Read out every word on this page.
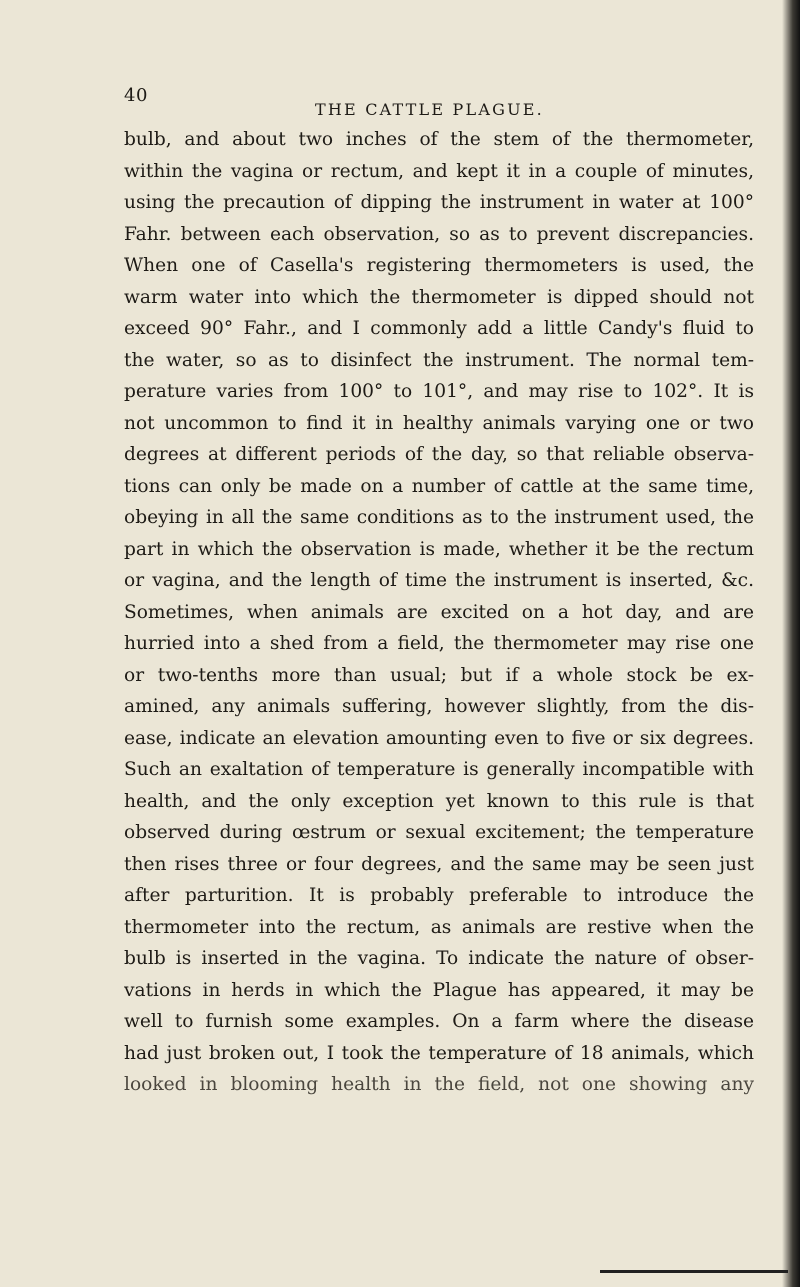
40
THE CATTLE PLAGUE.
bulb, and about two inches of the stem of the thermometer,
within the vagina or rectum, and kept it in a couple of minutes,
using the precaution of dipping the instrument in water at 100°
Fahr. between each observation, so as to prevent discrepancies.
When one of Casella's registering thermometers is used, the
warm water into which the thermometer is dipped should not
exceed 90° Fahr., and I commonly add a little Candy's fluid to
the water, so as to disinfect the instrument. The normal tem-
perature varies from 100° to 101°, and may rise to 102°. It is
not uncommon to find it in healthy animals varying one or two
degrees at different periods of the day, so that reliable observa-
tions can only be made on a number of cattle at the same time,
obeying in all the same conditions as to the instrument used, the
part in which the observation is made, whether it be the rectum
or vagina, and the length of time the instrument is inserted, &c.
Sometimes, when animals are excited on a hot day, and are
hurried into a shed from a field, the thermometer may rise one
or two-tenths more than usual; but if a whole stock be ex-
amined, any animals suffering, however slightly, from the dis-
ease, indicate an elevation amounting even to five or six degrees.
Such an exaltation of temperature is generally incompatible with
health, and the only exception yet known to this rule is that
observed during œstrum or sexual excitement; the temperature
then rises three or four degrees, and the same may be seen just
after parturition. It is probably preferable to introduce the
thermometer into the rectum, as animals are restive when the
bulb is inserted in the vagina. To indicate the nature of obser-
vations in herds in which the Plague has appeared, it may be
well to furnish some examples. On a farm where the disease
had just broken out, I took the temperature of 18 animals, which
looked in blooming health in the field, not one showing any
